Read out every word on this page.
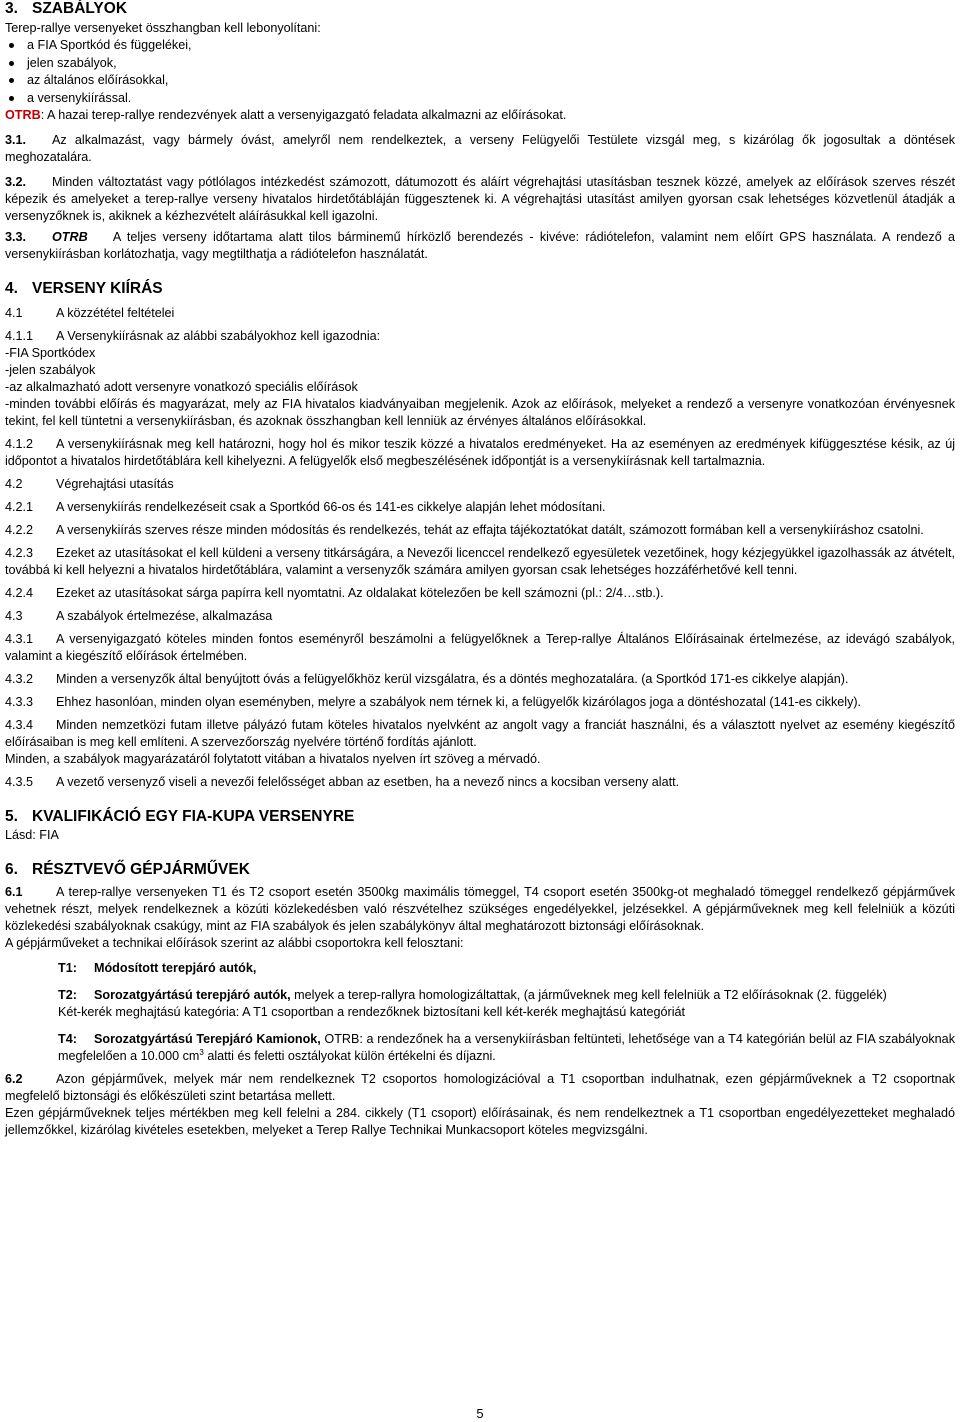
3. SZABÁLYOK

Terep-rallye versenyeket összhangban kell lebonyolítani:

a FIA Sportkód és függelékei,
jelen szabályok,
az általános előírásokkal,
a versenykiírással.

OTRB: A hazai terep-rallye rendezvények alatt a versenyigazgató feladata alkalmazni az előírásokat.

3.1. Az alkalmazást, vagy bármely óvást, amelyről nem rendelkeztek, a verseny Felügyelői Testülete vizsgál meg, s kizárólag ők jogosultak a döntések meghozatalára.

3.2. Minden változtatást vagy pótlólagos intézkedést számozott, dátumozott és aláírt végrehajtási utasításban tesznek közzé, amelyek az előírások szerves részét képezik és amelyeket a terep-rallye verseny hivatalos hirdetőtábláján függesztenek ki. A végrehajtási utasítást amilyen gyorsan csak lehetséges közvetlenül átadják a versenyzőknek is, akiknek a kézhezvételt aláírásukkal kell igazolni.

3.3. OTRB A teljes verseny időtartama alatt tilos bárminemű hírközlő berendezés - kivéve: rádiótelefon, valamint nem előírt GPS használata. A rendező a versenykiírásban korlátozhatja, vagy megtilthatja a rádiótelefon használatát.

4. VERSENY KIÍRÁS

4.1	A közzététel feltételei

4.1.1 A Versenykiírásnak az alábbi szabályokhoz kell igazodnia:

-FIA Sportkódex

-jelen szabályok

-az alkalmazható adott versenyre vonatkozó speciális előírások

-minden további előírás és magyarázat, mely az FIA hivatalos kiadványaiban megjelenik. Azok az előírások, melyeket a rendező a versenyre vonatkozóan érvényesnek tekint, fel kell tüntetni a versenykiírásban, és azoknak összhangban kell lenniük az érvényes általános előírásokkal.

4.1.2 A versenykiírásnak meg kell határozni, hogy hol és mikor teszik közzé a hivatalos eredményeket. Ha az eseményen az eredmények kifüggesztése késik, az új időpontot a hivatalos hirdetőtáblára kell kihelyezni. A felügyelők első megbeszélésének időpontját is a versenykiírásnak kell tartalmaznia.

4.2	Végrehajtási utasítás

4.2.1 A versenykiírás rendelkezéseit csak a Sportkód 66-os és 141-es cikkelye alapján lehet módosítani.

4.2.2 A versenykiírás szerves része minden módosítás és rendelkezés, tehát az effajta tájékoztatókat datált, számozott formában kell a versenykiíráshoz csatolni.

4.2.3 Ezeket az utasításokat el kell küldeni a verseny titkárságára, a Nevezői licenccel rendelkező egyesületek vezetőinek, hogy kézjegyükkel igazolhassák az átvételt, továbbá ki kell helyezni a hivatalos hirdetőtáblára, valamint a versenyzők számára amilyen gyorsan csak lehetséges hozzáférhetővé kell tenni.

4.2.4 Ezeket az utasításokat sárga papírra kell nyomtatni. Az oldalakat kötelezően be kell számozni (pl.: 2/4…stb.).

4.3	A szabályok értelmezése, alkalmazása

4.3.1 A versenyigazgató köteles minden fontos eseményről beszámolni a felügyelőknek a Terep-rallye Általános Előírásainak értelmezése, az idevágó szabályok, valamint a kiegészítő előírások értelmében.

4.3.2 Minden a versenyzők által benyújtott óvás a felügyelőkhöz kerül vizsgálatra, és a döntés meghozatalára. (a Sportkód 171-es cikkelye alapján).

4.3.3 Ehhez hasonlóan, minden olyan eseményben, melyre a szabályok nem térnek ki, a felügyelők kizárólagos joga a döntéshozatal (141-es cikkely).

4.3.4 Minden nemzetközi futam illetve pályázó futam köteles hivatalos nyelvként az angolt vagy a franciát használni, és a választott nyelvet az esemény kiegészítő előírásaiban is meg kell említeni. A szervezőország nyelvére történő fordítás ajánlott.

Minden, a szabályok magyarázatáról folytatott vitában a hivatalos nyelven írt szöveg a mérvadó.

4.3.5 A vezető versenyző viseli a nevezői felelősséget abban az esetben, ha a nevező nincs a kocsiban verseny alatt.

5. KVALIFIKÁCIÓ EGY FIA-KUPA VERSENYRE

Lásd: FIA

6. RÉSZTVEVŐ GÉPJÁRMŰVEK

6.1	A terep-rallye versenyeken T1 és T2 csoport esetén 3500kg maximális tömeggel, T4 csoport esetén 3500kg-ot meghaladó tömeggel rendelkező gépjárművek vehetnek részt, melyek rendelkeznek a közúti közlekedésben való részvételhez szükséges engedélyekkel, jelzésekkel. A gépjárműveknek meg kell felelniük a közúti közlekedési szabályoknak csakúgy, mint az FIA szabályok és jelen szabálykönyv által meghatározott biztonsági előírásoknak.

A gépjárműveket a technikai előírások szerint az alábbi csoportokra kell felosztani:

T1: Módosított terepjáró autók,

T2: Sorozatgyártású terepjáró autók, melyek a terep-rallyra homologizáltattak, (a járműveknek meg kell felelniük a T2 előírásoknak (2. függelék)

Két-kerék meghajtású kategória: A T1 csoportban a rendezőknek biztosítani kell két-kerék meghajtású kategóriát

T4: Sorozatgyártású Terepjáró Kamionok, OTRB: a rendezőnek ha a versenykiírásban feltünteti, lehetősége van a T4 kategórián belül az FIA szabályoknak megfelelően a 10.000 $cm^3$ alatti és feletti osztályokat külön értékelni és díjazni.

6.2	Azon gépjárművek, melyek már nem rendelkeznek T2 csoportos homologizációval a T1 csoportban indulhatnak, ezen gépjárműveknek a T2 csoportnak megfelelő biztonsági és előkészületi szint betartása mellett.

Ezen gépjárműveknek teljes mértékben meg kell felelni a 284. cikkely (T1 csoport) előírásainak, és nem rendelkeztnek a T1 csoportban engedélyezetteket meghaladó jellemzőkkel, kizárólag kivételes esetekben, melyeket a Terep Rallye Technikai Munkacsoport köteles megvizsgálni.

5
